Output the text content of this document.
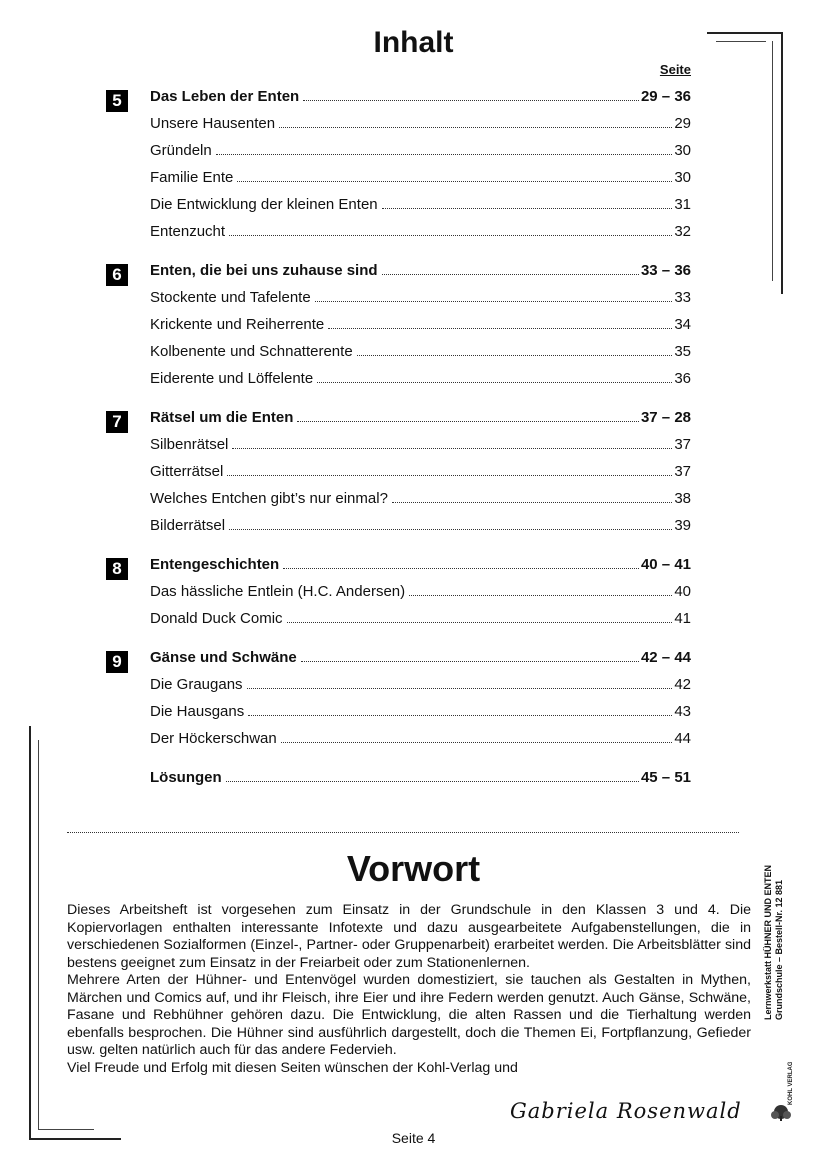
Inhalt
Seite
5	Das Leben der Enten	29 – 36
Unsere Hausenten	29
Gründeln	30
Familie Ente	30
Die Entwicklung der kleinen Enten	31
Entenzucht	32
6	Enten, die bei uns zuhause sind	33 – 36
Stockente und Tafelente	33
Krickente und Reiherrente	34
Kolbenente und Schnatterente	35
Eiderente und Löffelente	36
7	Rätsel um die Enten	37 – 28
Silbenrätsel	37
Gitterrätsel	37
Welches Entchen gibt’s nur einmal?	38
Bilderrätsel	39
8	Entengeschichten	40 – 41
Das hässliche Entlein (H.C. Andersen)	40
Donald Duck Comic	41
9	Gänse und Schwäne	42 – 44
Die Graugans	42
Die Hausgans	43
Der Höckerschwan	44
Lösungen	45 – 51
Vorwort

Dieses Arbeitsheft ist vorgesehen zum Einsatz in der Grundschule in den Klassen 3 und 4. Die Kopiervorlagen enthalten interessante Infotexte und dazu ausgearbeitete Aufgabenstellungen, die in verschiedenen Sozialformen (Einzel-, Partner- oder Gruppenarbeit) erarbeitet werden. Die Arbeitsblätter sind bestens geeignet zum Einsatz in der Freiarbeit oder zum Stationenlernen.

Mehrere Arten der Hühner- und Entenvögel wurden domestiziert, sie tauchen als Gestalten in Mythen, Märchen und Comics auf, und ihr Fleisch, ihre Eier und ihre Federn werden genutzt. Auch Gänse, Schwäne, Fasane und Rebhühner gehören dazu. Die Entwicklung, die alten Rassen und die Tierhaltung werden ebenfalls besprochen. Die Hühner sind ausführlich dargestellt, doch die Themen Ei, Fortpflanzung, Gefieder usw. gelten natürlich auch für das andere Federvieh.

Viel Freude und Erfolg mit diesen Seiten wünschen der Kohl-Verlag und

Gabriela Rosenwald
Seite 4
Lernwerkstatt HÜHNER UND ENTEN Grundschule – Bestell-Nr. 12 881
KOHL VERLAG
